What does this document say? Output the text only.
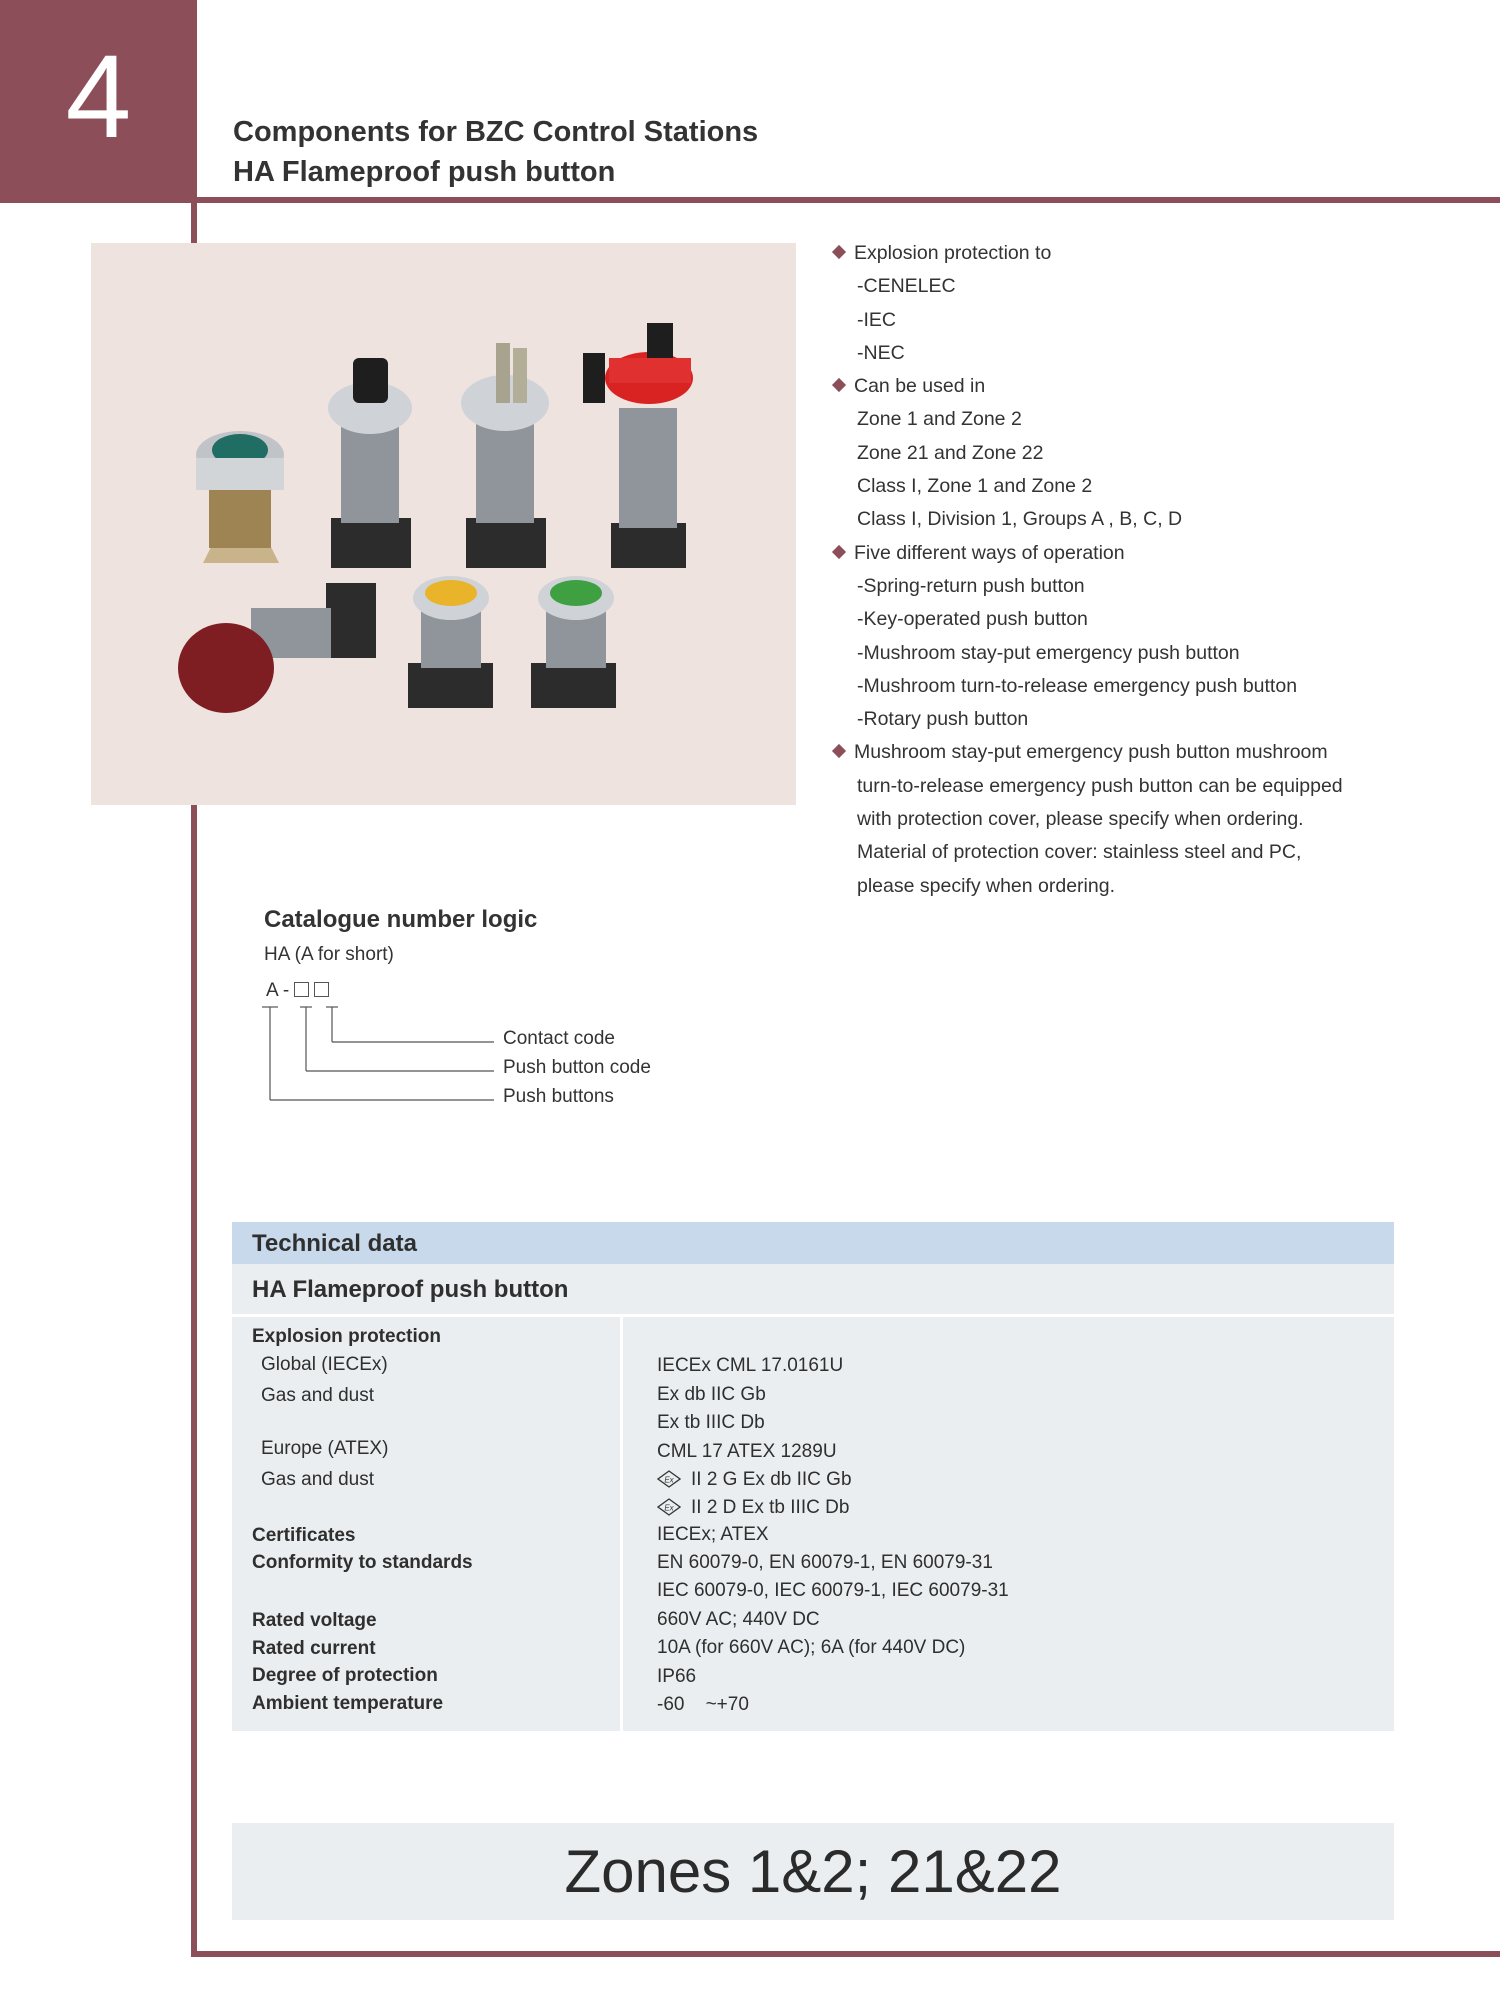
4	Components for BZC Control Stations
HA Flameproof push button
Explosion protection to
-CENELEC
-IEC
-NEC
Can be used in
Zone 1 and Zone 2
Zone 21 and Zone 22
Class I, Zone 1 and Zone 2
Class I, Division 1, Groups A , B, C, D
Five different ways of operation
-Spring-return push button
-Key-operated push button
-Mushroom stay-put emergency push button
-Mushroom turn-to-release emergency push button
-Rotary push button
Mushroom stay-put emergency push button mushroom
turn-to-release emergency push button can be equipped
with protection cover, please specify when ordering.
Material of protection cover: stainless steel and PC,
please specify when ordering.
Catalogue number logic
HA (A for short)
A -
Contact code
Push button code
Push buttons
Technical data
HA Flameproof push button
Explosion protection
Global (IECEx)
Gas and dust
Europe (ATEX)
Gas and dust
Certificates
Conformity to standards
Rated voltage
Rated current
Degree of protection
Ambient temperature
IECEx CML 17.0161U
Ex db IIC Gb
Ex tb IIIC Db
CML 17 ATEX 1289U
Ex II 2 G Ex db IIC Gb
Ex II 2 D Ex tb IIIC Db
IECEx; ATEX
EN 60079-0, EN 60079-1, EN 60079-31
IEC 60079-0, IEC 60079-1, IEC 60079-31
660V AC; 440V DC
10A (for 660V AC); 6A (for 440V DC)
IP66
-60    ~+70
Zones 1&2; 21&22
